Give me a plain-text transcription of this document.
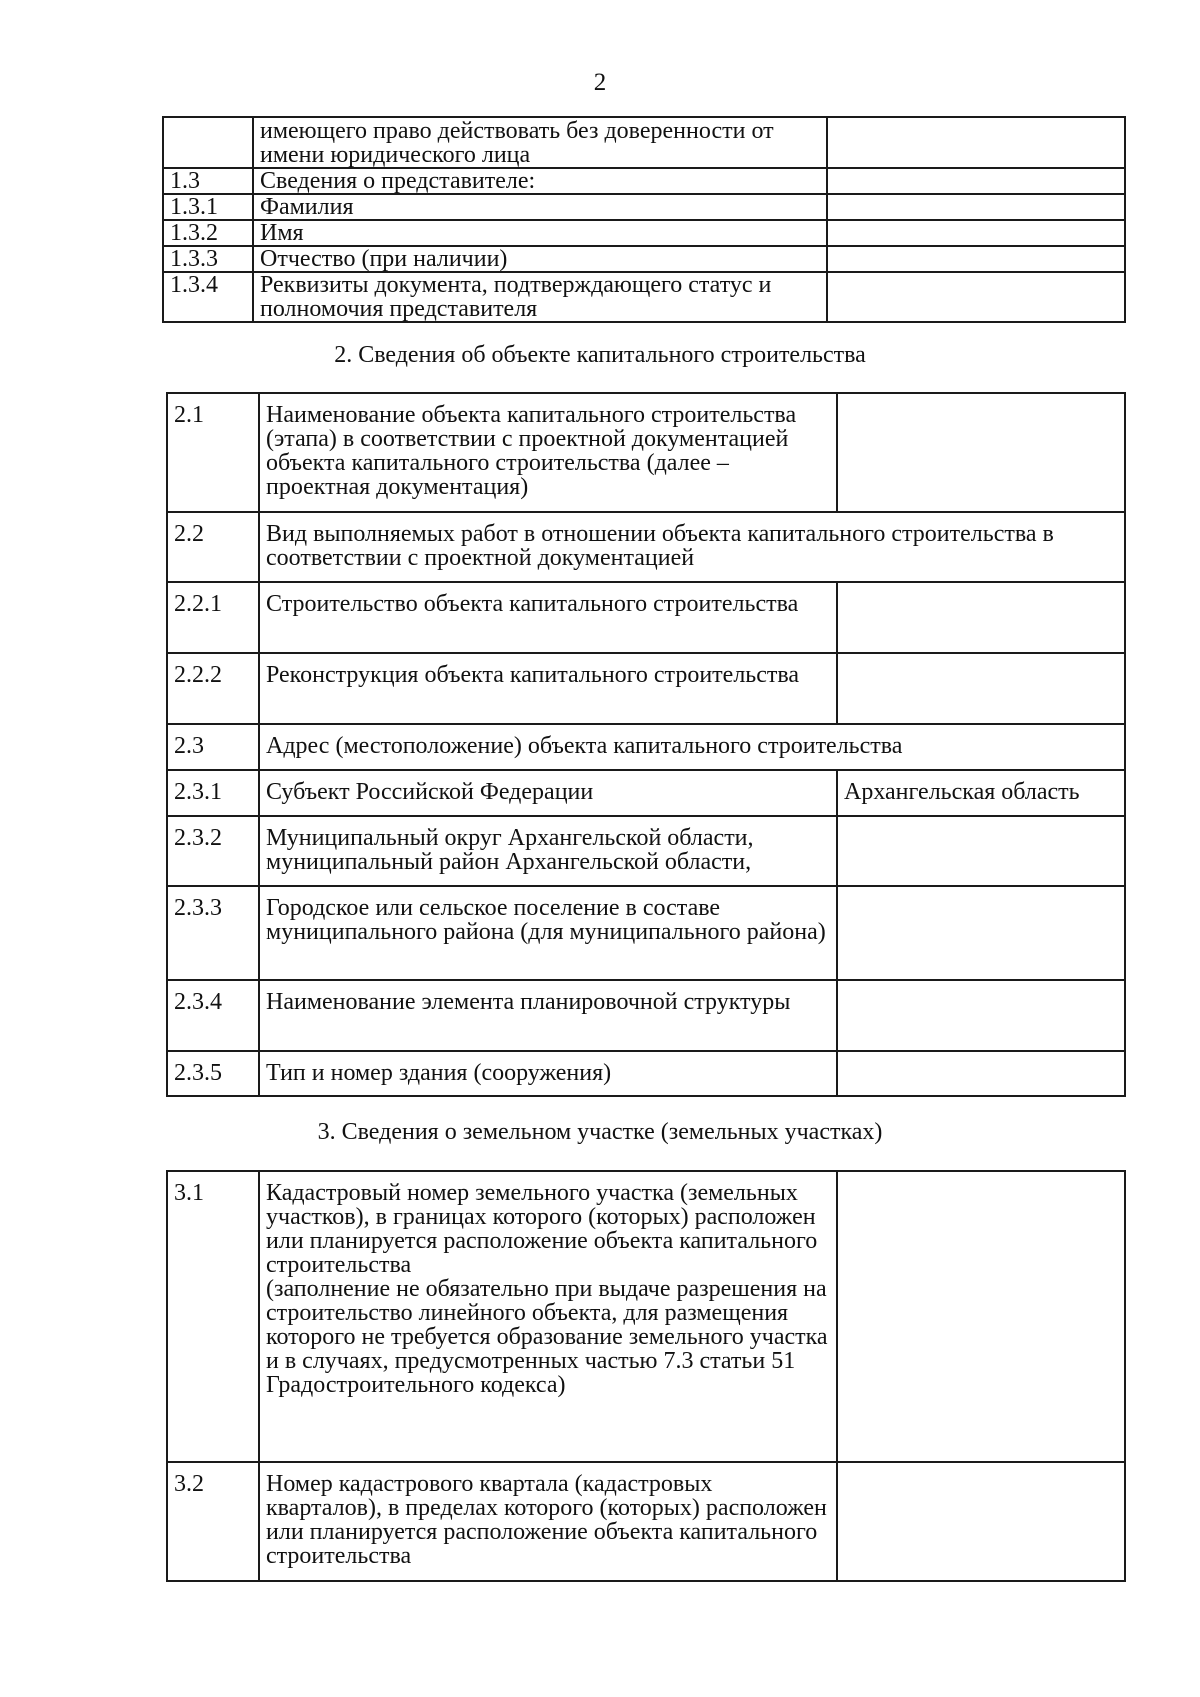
2
	имеющего право действовать без доверенности от имени юридического лица	
1.3	Сведения о представителе:	
1.3.1	Фамилия	
1.3.2	Имя	
1.3.3	Отчество (при наличии)	
1.3.4	Реквизиты документа, подтверждающего статус и полномочия представителя	
2. Сведения об объекте капитального строительства
2.1	Наименование объекта капитального строительства (этапа) в соответствии с проектной документацией объекта капитального строительства (далее – проектная документация)	
2.2	Вид выполняемых работ в отношении объекта капитального строительства в соответствии с проектной документацией	
2.2.1	Строительство объекта капитального строительства	
2.2.2	Реконструкция объекта капитального строительства	
2.3	Адрес (местоположение) объекта капитального строительства	
2.3.1	Субъект Российской Федерации	Архангельская область
2.3.2	Муниципальный округ Архангельской области, муниципальный район Архангельской области,	
2.3.3	Городское или сельское поселение в составе муниципального района (для муниципального района)	
2.3.4	Наименование элемента планировочной структуры	
2.3.5	Тип и номер здания (сооружения)	
3. Сведения о земельном участке (земельных участках)
3.1	Кадастровый номер земельного участка (земельных участков), в границах которого (которых) расположен или планируется расположение объекта капитального строительства
(заполнение не обязательно при выдаче разрешения на строительство линейного объекта, для размещения которого не требуется образование земельного участка и в случаях, предусмотренных частью 7.3 статьи 51 Градостроительного кодекса)	

3.2	Номер кадастрового квартала (кадастровых кварталов), в пределах которого (которых) расположен или планируется расположение объекта капитального строительства	
